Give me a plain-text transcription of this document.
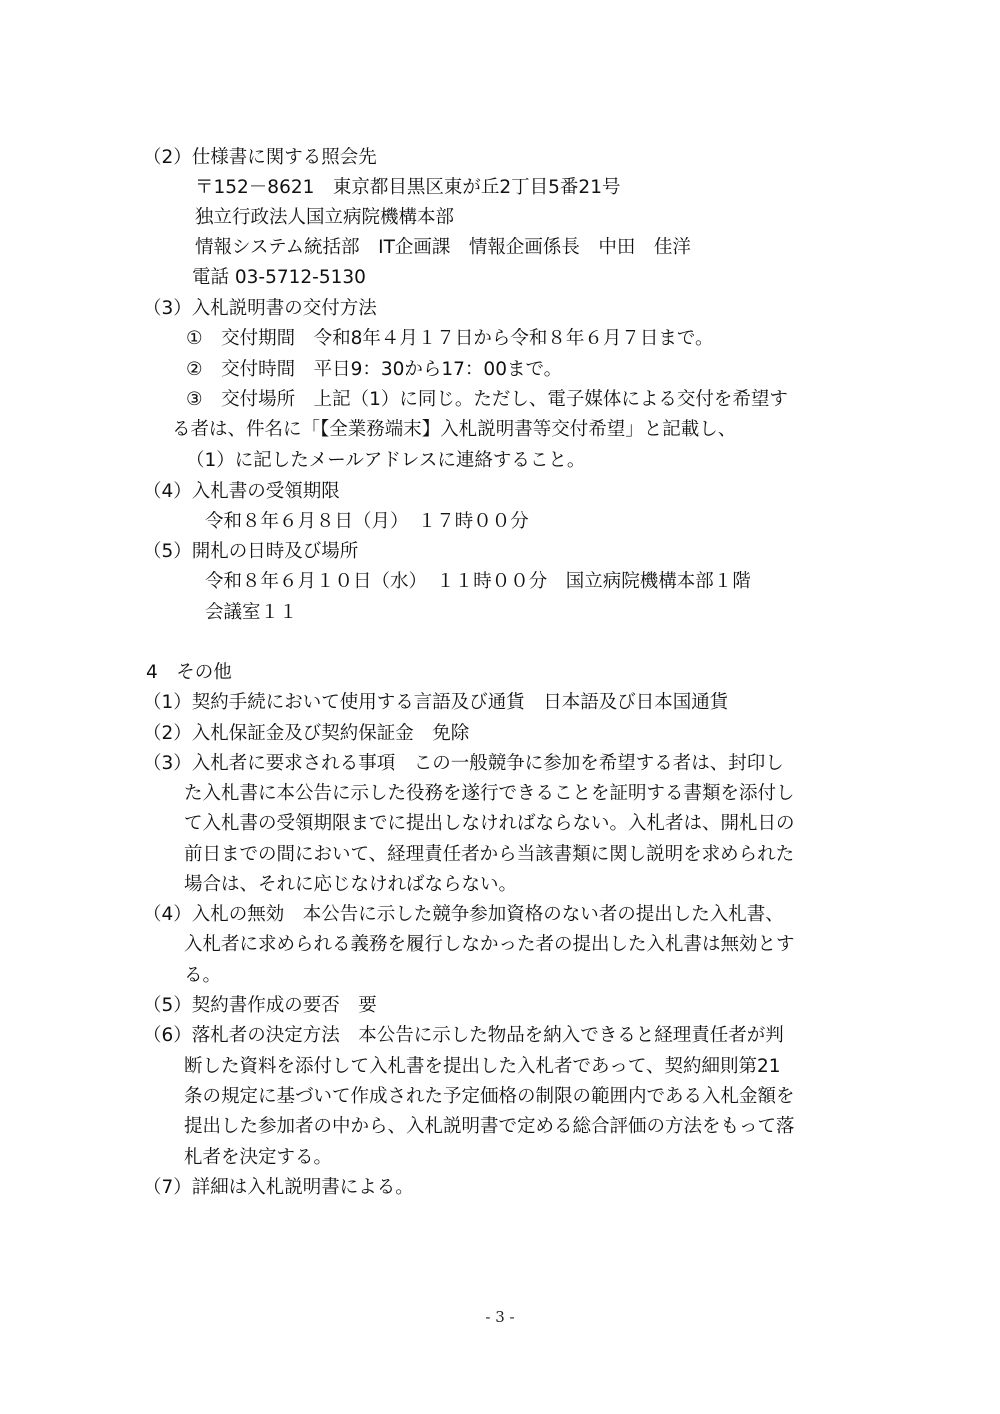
（2）仕様書に関する照会先
〒152－8621　東京都目黒区東が丘2丁目5番21号
独立行政法人国立病院機構本部
情報システム統括部　IT企画課　情報企画係長　中田　佳洋
電話 03-5712-5130
（3）入札説明書の交付方法
①　交付期間　令和8年４月１７日から令和８年６月７日まで。
②　交付時間　平日9：30から17：00まで。
③　交付場所　上記（1）に同じ。ただし、電子媒体による交付を希望す
る者は、件名に「【全業務端末】入札説明書等交付希望」と記載し、
（1）に記したメールアドレスに連絡すること。
（4）入札書の受領期限
令和８年６月８日（月）　１７時００分
（5）開札の日時及び場所
令和８年６月１０日（水）　１１時００分　国立病院機構本部１階
会議室１１
4　その他
（1）契約手続において使用する言語及び通貨　日本語及び日本国通貨
（2）入札保証金及び契約保証金　免除
（3）入札者に要求される事項　この一般競争に参加を希望する者は、封印し
た入札書に本公告に示した役務を遂行できることを証明する書類を添付し
て入札書の受領期限までに提出しなければならない。入札者は、開札日の
前日までの間において、経理責任者から当該書類に関し説明を求められた
場合は、それに応じなければならない。
（4）入札の無効　本公告に示した競争参加資格のない者の提出した入札書、
入札者に求められる義務を履行しなかった者の提出した入札書は無効とす
る。
（5）契約書作成の要否　要
（6）落札者の決定方法　本公告に示した物品を納入できると経理責任者が判
断した資料を添付して入札書を提出した入札者であって、契約細則第21
条の規定に基づいて作成された予定価格の制限の範囲内である入札金額を
提出した参加者の中から、入札説明書で定める総合評価の方法をもって落
札者を決定する。
（7）詳細は入札説明書による。
- 3 -
